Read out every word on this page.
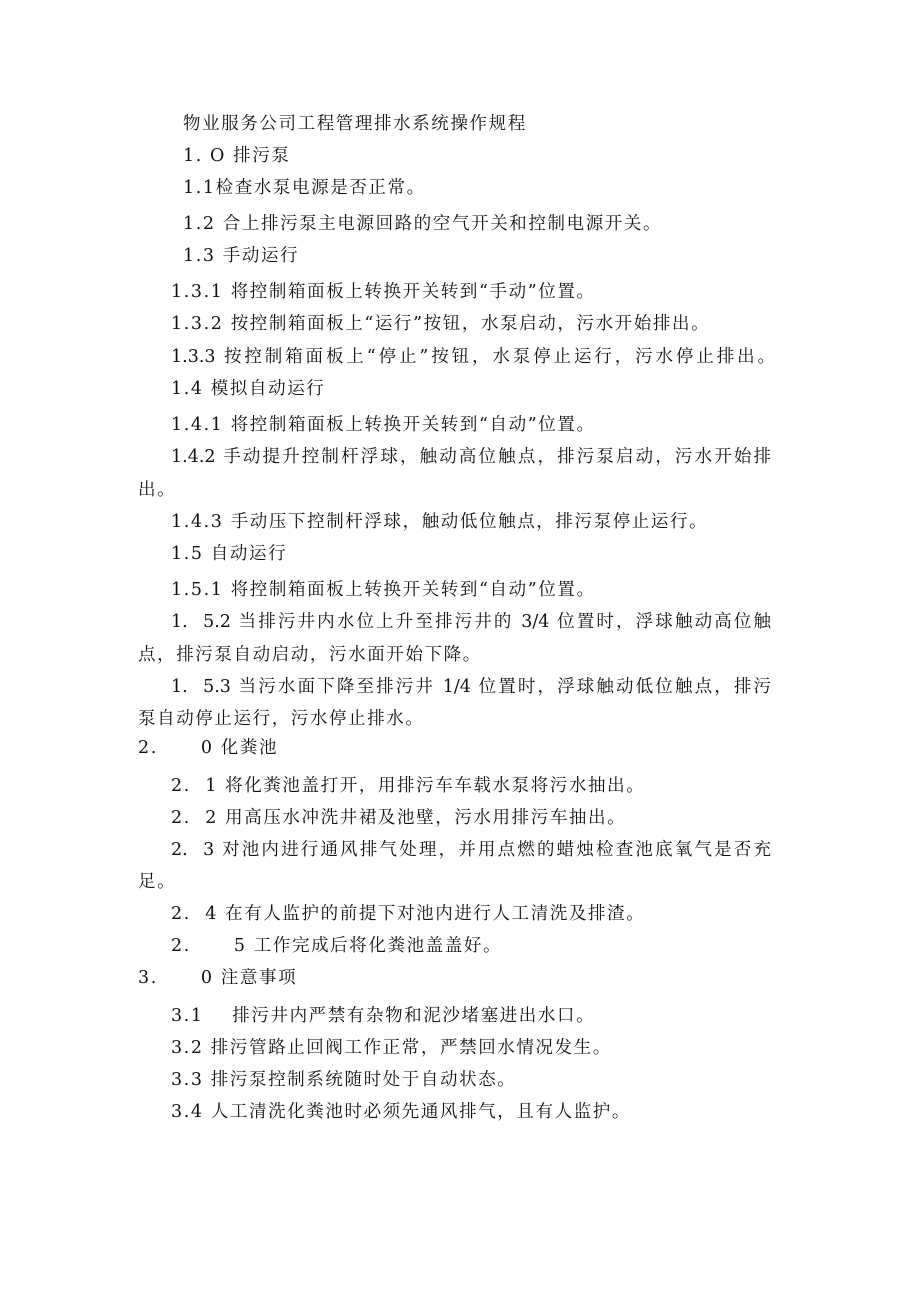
物业服务公司工程管理排水系统操作规程
1. O 排污泵
1.1检查水泵电源是否正常。
1.2 合上排污泵主电源回路的空气开关和控制电源开关。
1.3 手动运行
1.3.1 将控制箱面板上转换开关转到“手动”位置。
1.3.2 按控制箱面板上“运行”按钮，水泵启动，污水开始排出。
1.3.3 按控制箱面板上“停止”按钮，水泵停止运行，污水停止排出。
1.4 模拟自动运行
1.4.1 将控制箱面板上转换开关转到“自动”位置。
1.4.2 手动提升控制杆浮球，触动高位触点，排污泵启动，污水开始排
出。
1.4.3 手动压下控制杆浮球，触动低位触点，排污泵停止运行。
1.5 自动运行
1.5.1 将控制箱面板上转换开关转到“自动”位置。
1.  5.2 当排污井内水位上升至排污井的 3/4 位置时，浮球触动高位触
点，排污泵自动启动，污水面开始下降。
1.  5.3 当污水面下降至排污井 1/4 位置时，浮球触动低位触点，排污
泵自动停止运行，污水停止排水。
2.      0 化粪池
2.  1 将化粪池盖打开，用排污车车载水泵将污水抽出。
2.  2 用高压水冲洗井裙及池壁，污水用排污车抽出。
2.  3 对池内进行通风排气处理，并用点燃的蜡烛检查池底氧气是否充
足。
2.  4 在有人监护的前提下对池内进行人工清洗及排渣。
2.      5 工作完成后将化粪池盖盖好。
3.      0 注意事项
3.1    排污井内严禁有杂物和泥沙堵塞进出水口。
3.2 排污管路止回阀工作正常，严禁回水情况发生。
3.3 排污泵控制系统随时处于自动状态。
3.4 人工清洗化粪池时必须先通风排气，且有人监护。
